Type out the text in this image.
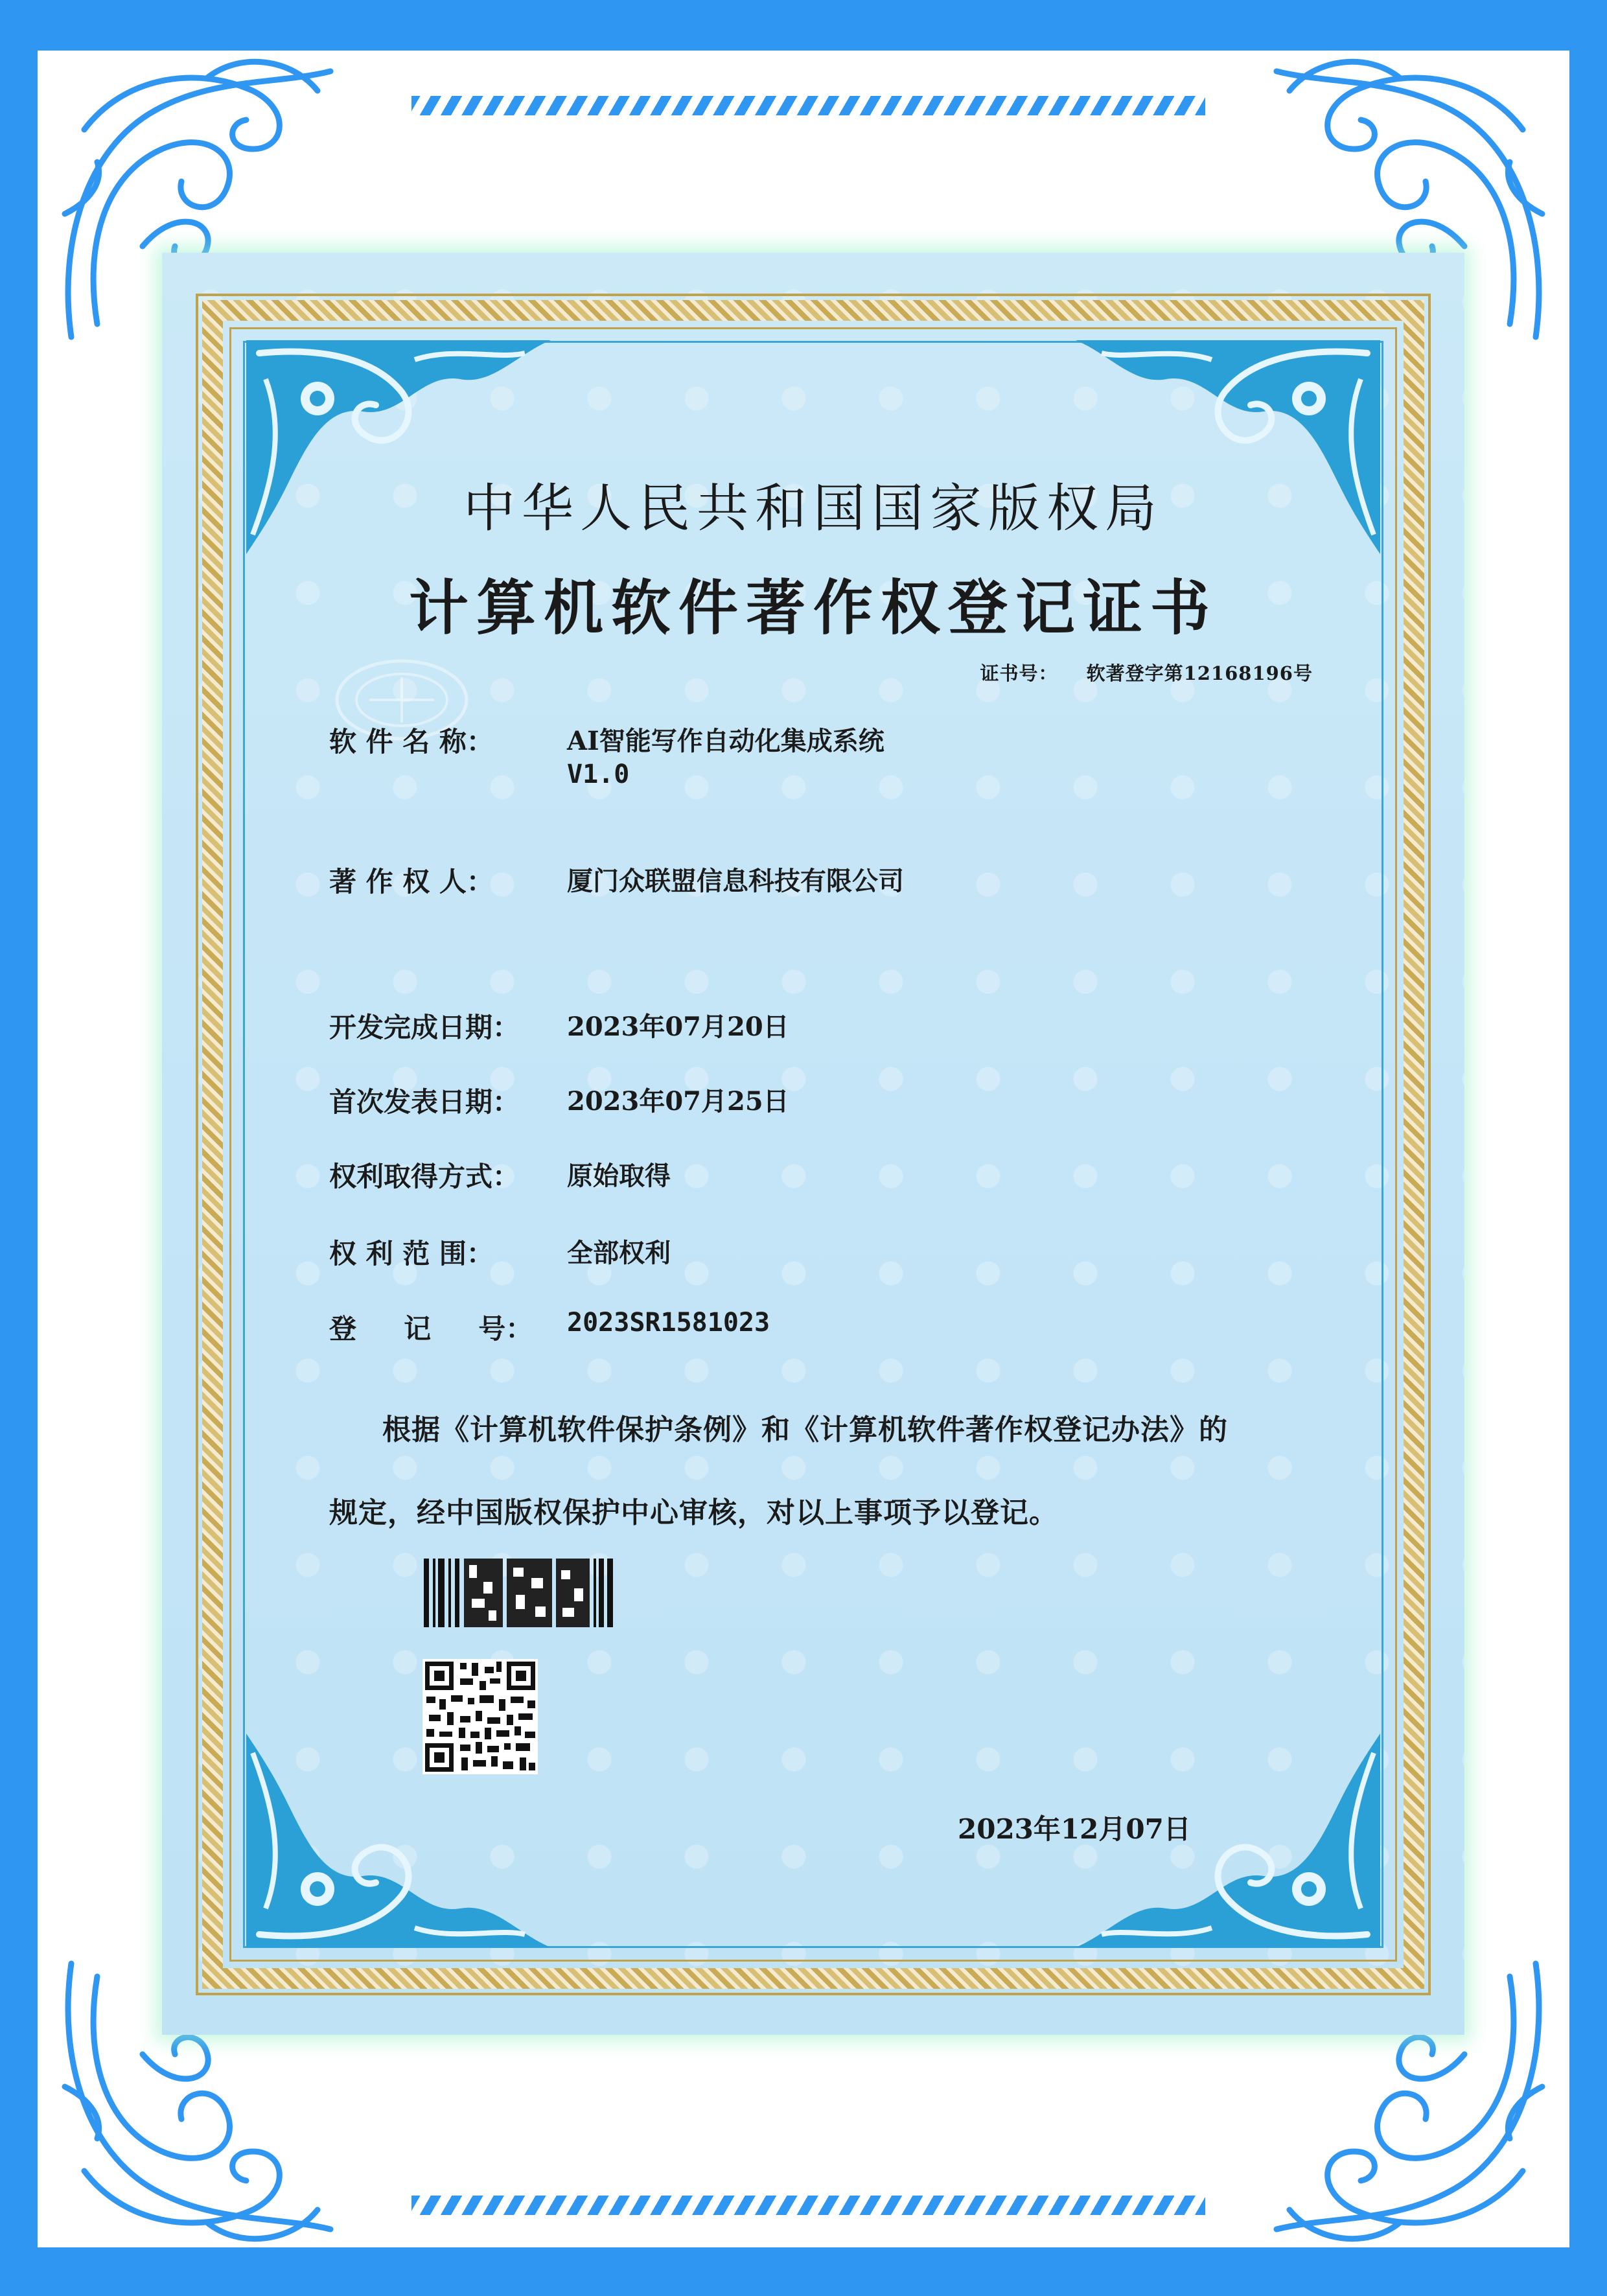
中华人民共和国国家版权局
计算机软件著作权登记证书
证书号： 软著登字第12168196号
软 件 名 称：	AI智能写作自动化集成系统
V1.0
著 作 权 人：	厦门众联盟信息科技有限公司
开发完成日期： 2023年07月20日
首次发表日期： 2023年07月25日
权利取得方式： 原始取得
权 利 范 围：	全部权利
登     记     号： 2023SR1581023
根据《计算机软件保护条例》和《计算机软件著作权登记办法》的
规定，经中国版权保护中心审核，对以上事项予以登记。
2023年12月07日
